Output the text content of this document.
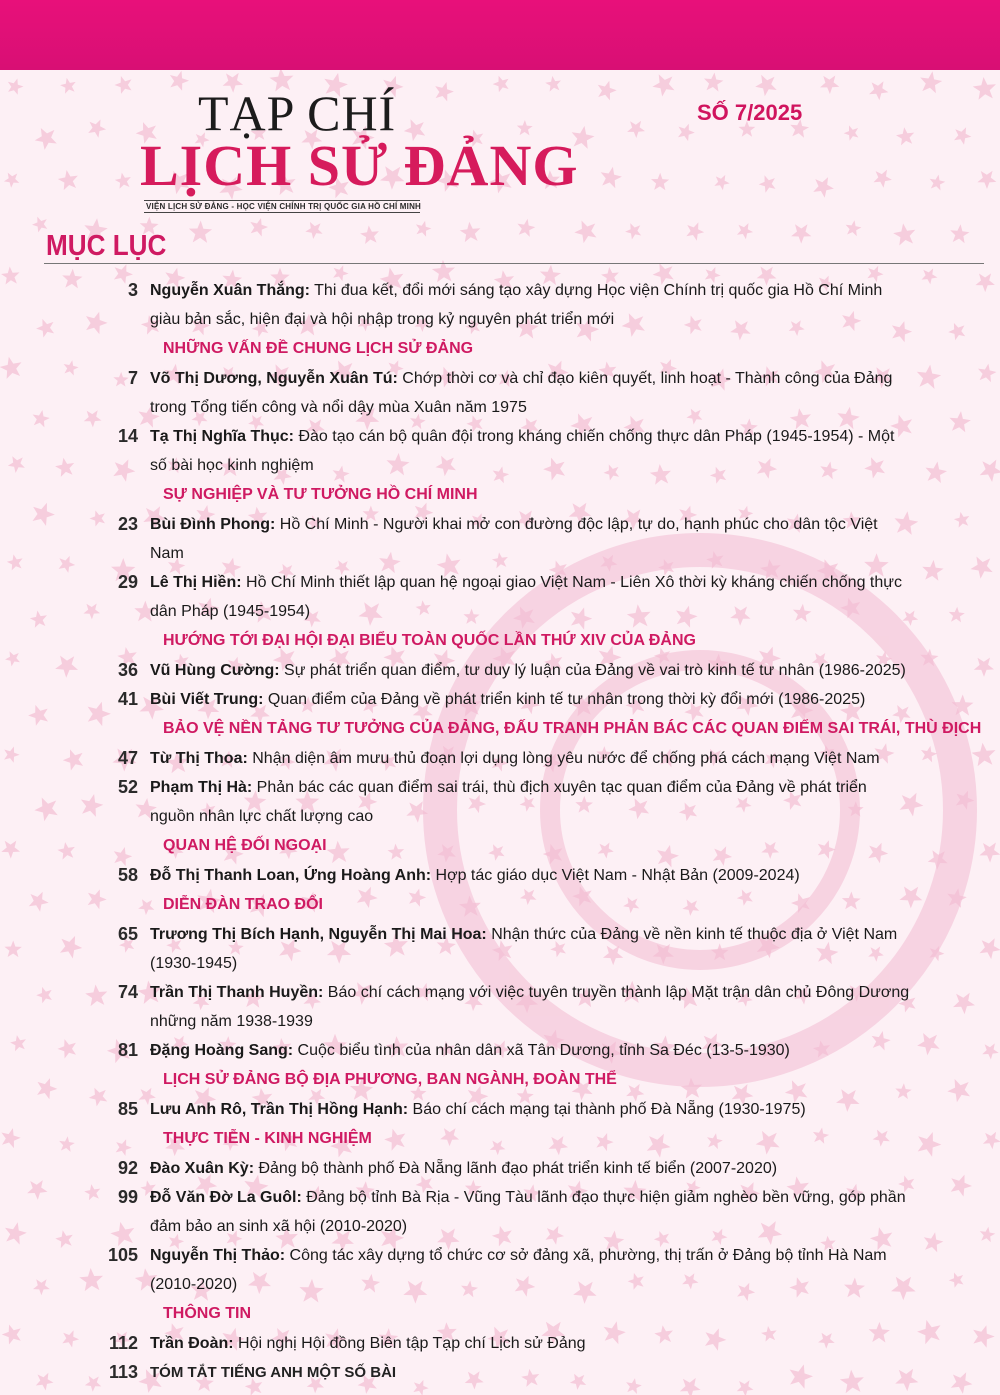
TẠP CHÍ
LỊCH SỬ ĐẢNG
VIỆN LỊCH SỬ ĐẢNG - HỌC VIỆN CHÍNH TRỊ QUỐC GIA HỒ CHÍ MINH
SỐ 7/2025
MỤC LỤC
3 Nguyễn Xuân Thắng: Thi đua kết, đổi mới sáng tạo xây dựng Học viện Chính trị quốc gia Hồ Chí Minh giàu bản sắc, hiện đại và hội nhập trong kỷ nguyên phát triển mới
NHỮNG VẤN ĐỀ CHUNG LỊCH SỬ ĐẢNG
7 Võ Thị Dương, Nguyễn Xuân Tú: Chớp thời cơ và chỉ đạo kiên quyết, linh hoạt - Thành công của Đảng trong Tổng tiến công và nổi dậy mùa Xuân năm 1975
14 Tạ Thị Nghĩa Thục: Đào tạo cán bộ quân đội trong kháng chiến chống thực dân Pháp (1945-1954) - Một số bài học kinh nghiệm
SỰ NGHIỆP VÀ TƯ TƯỞNG HỒ CHÍ MINH
23 Bùi Đình Phong: Hồ Chí Minh - Người khai mở con đường độc lập, tự do, hạnh phúc cho dân tộc Việt Nam
29 Lê Thị Hiền: Hồ Chí Minh thiết lập quan hệ ngoại giao Việt Nam - Liên Xô thời kỳ kháng chiến chống thực dân Pháp (1945-1954)
HƯỚNG TỚI ĐẠI HỘI ĐẠI BIỂU TOÀN QUỐC LẦN THỨ XIV CỦA ĐẢNG
36 Vũ Hùng Cường: Sự phát triển quan điểm, tư duy lý luận của Đảng về vai trò kinh tế tư nhân (1986-2025)
41 Bùi Viết Trung: Quan điểm của Đảng về phát triển kinh tế tư nhân trong thời kỳ đổi mới (1986-2025)
BẢO VỆ NỀN TẢNG TƯ TƯỞNG CỦA ĐẢNG, ĐẤU TRANH PHẢN BÁC CÁC QUAN ĐIỂM SAI TRÁI, THÙ ĐỊCH
47 Từ Thị Thoa: Nhận diện âm mưu thủ đoạn lợi dụng lòng yêu nước để chống phá cách mạng Việt Nam
52 Phạm Thị Hà: Phản bác các quan điểm sai trái, thù địch xuyên tạc quan điểm của Đảng về phát triển nguồn nhân lực chất lượng cao
QUAN HỆ ĐỐI NGOẠI
58 Đỗ Thị Thanh Loan, Ứng Hoàng Anh: Hợp tác giáo dục Việt Nam - Nhật Bản (2009-2024)
DIỄN ĐÀN TRAO ĐỔI
65 Trương Thị Bích Hạnh, Nguyễn Thị Mai Hoa: Nhận thức của Đảng về nền kinh tế thuộc địa ở Việt Nam (1930-1945)
74 Trần Thị Thanh Huyền: Báo chí cách mạng với việc tuyên truyền thành lập Mặt trận dân chủ Đông Dương những năm 1938-1939
81 Đặng Hoàng Sang: Cuộc biểu tình của nhân dân xã Tân Dương, tỉnh Sa Đéc (13-5-1930)
LỊCH SỬ ĐẢNG BỘ ĐỊA PHƯƠNG, BAN NGÀNH, ĐOÀN THỂ
85 Lưu Anh Rô, Trần Thị Hồng Hạnh: Báo chí cách mạng tại thành phố Đà Nẵng (1930-1975)
THỰC TIỄN - KINH NGHIỆM
92 Đào Xuân Kỳ: Đảng bộ thành phố Đà Nẵng lãnh đạo phát triển kinh tế biển (2007-2020)
99 Đỗ Văn Đờ La Guôl: Đảng bộ tỉnh Bà Rịa - Vũng Tàu lãnh đạo thực hiện giảm nghèo bền vững, góp phần đảm bảo an sinh xã hội (2010-2020)
105 Nguyễn Thị Thảo: Công tác xây dựng tổ chức cơ sở đảng xã, phường, thị trấn ở Đảng bộ tỉnh Hà Nam (2010-2020)
THÔNG TIN
112 Trần Đoàn: Hội nghị Hội đồng Biên tập Tạp chí Lịch sử Đảng
113 TÓM TẮT TIẾNG ANH MỘT SỐ BÀI
